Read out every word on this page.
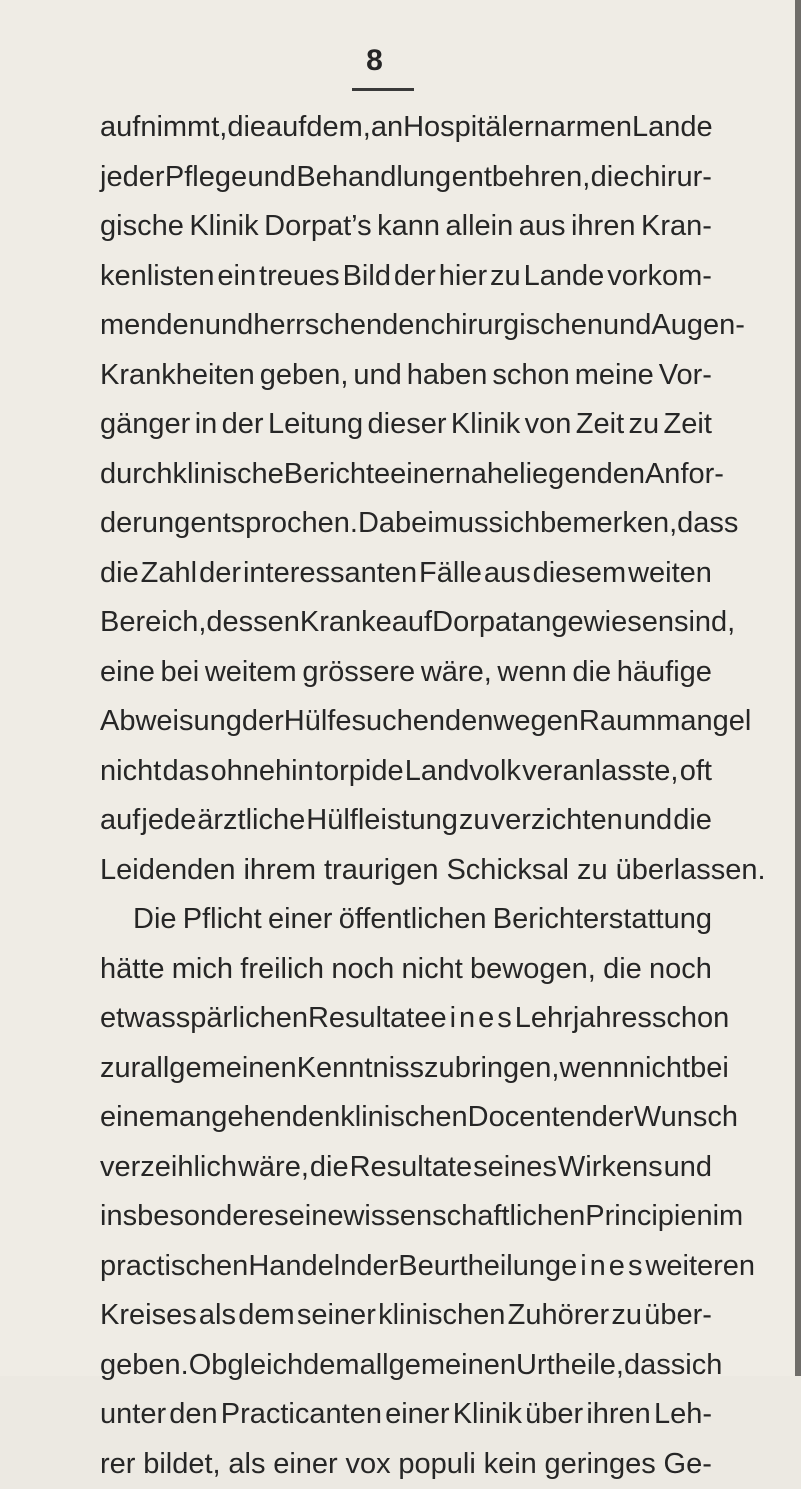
8
aufnimmt, die auf dem, an Hospitälern armen Lande
jeder Pflege und Behandlung entbehren, die chirur-
gische Klinik Dorpat’s kann allein aus ihren Kran-
kenlisten ein treues Bild der hier zu Lande vorkom-
menden und herrschenden chirurgischen und Augen-
Krankheiten geben, und haben schon meine Vor-
gänger in der Leitung dieser Klinik von Zeit zu Zeit
durch klinische Berichte einer nahe liegenden Anfor-
derung entsprochen. Dabei muss ich bemerken, dass
die Zahl der interessanten Fälle aus diesem weiten
Bereich, dessen Kranke auf Dorpat angewiesen sind,
eine bei weitem grössere wäre, wenn die häufige
Abweisung der Hülfesuchenden wegen Raummangel
nicht das ohnehin torpide Landvolk veranlasste, oft
auf jede ärztliche Hülfleistung zu verzichten und die
Leidenden ihrem traurigen Schicksal zu überlassen.
Die Pflicht einer öffentlichen Berichterstattung
hätte mich freilich noch nicht bewogen, die noch
etwas spärlichen Resultate eines Lehrjahres schon
zur allgemeinen Kenntniss zu bringen, wenn nicht bei
einem angehenden klinischen Docenten der Wunsch
verzeihlich wäre, die Resultate seines Wirkens und
insbesondere seine wissenschaftlichen Principien im
practischen Handeln der Beurtheilung eines weiteren
Kreises als dem seiner klinischen Zuhörer zu über-
geben. Obgleich dem allgemeinen Urtheile, das sich
unter den Practicanten einer Klinik über ihren Leh-
rer bildet, als einer vox populi kein geringes Ge-
